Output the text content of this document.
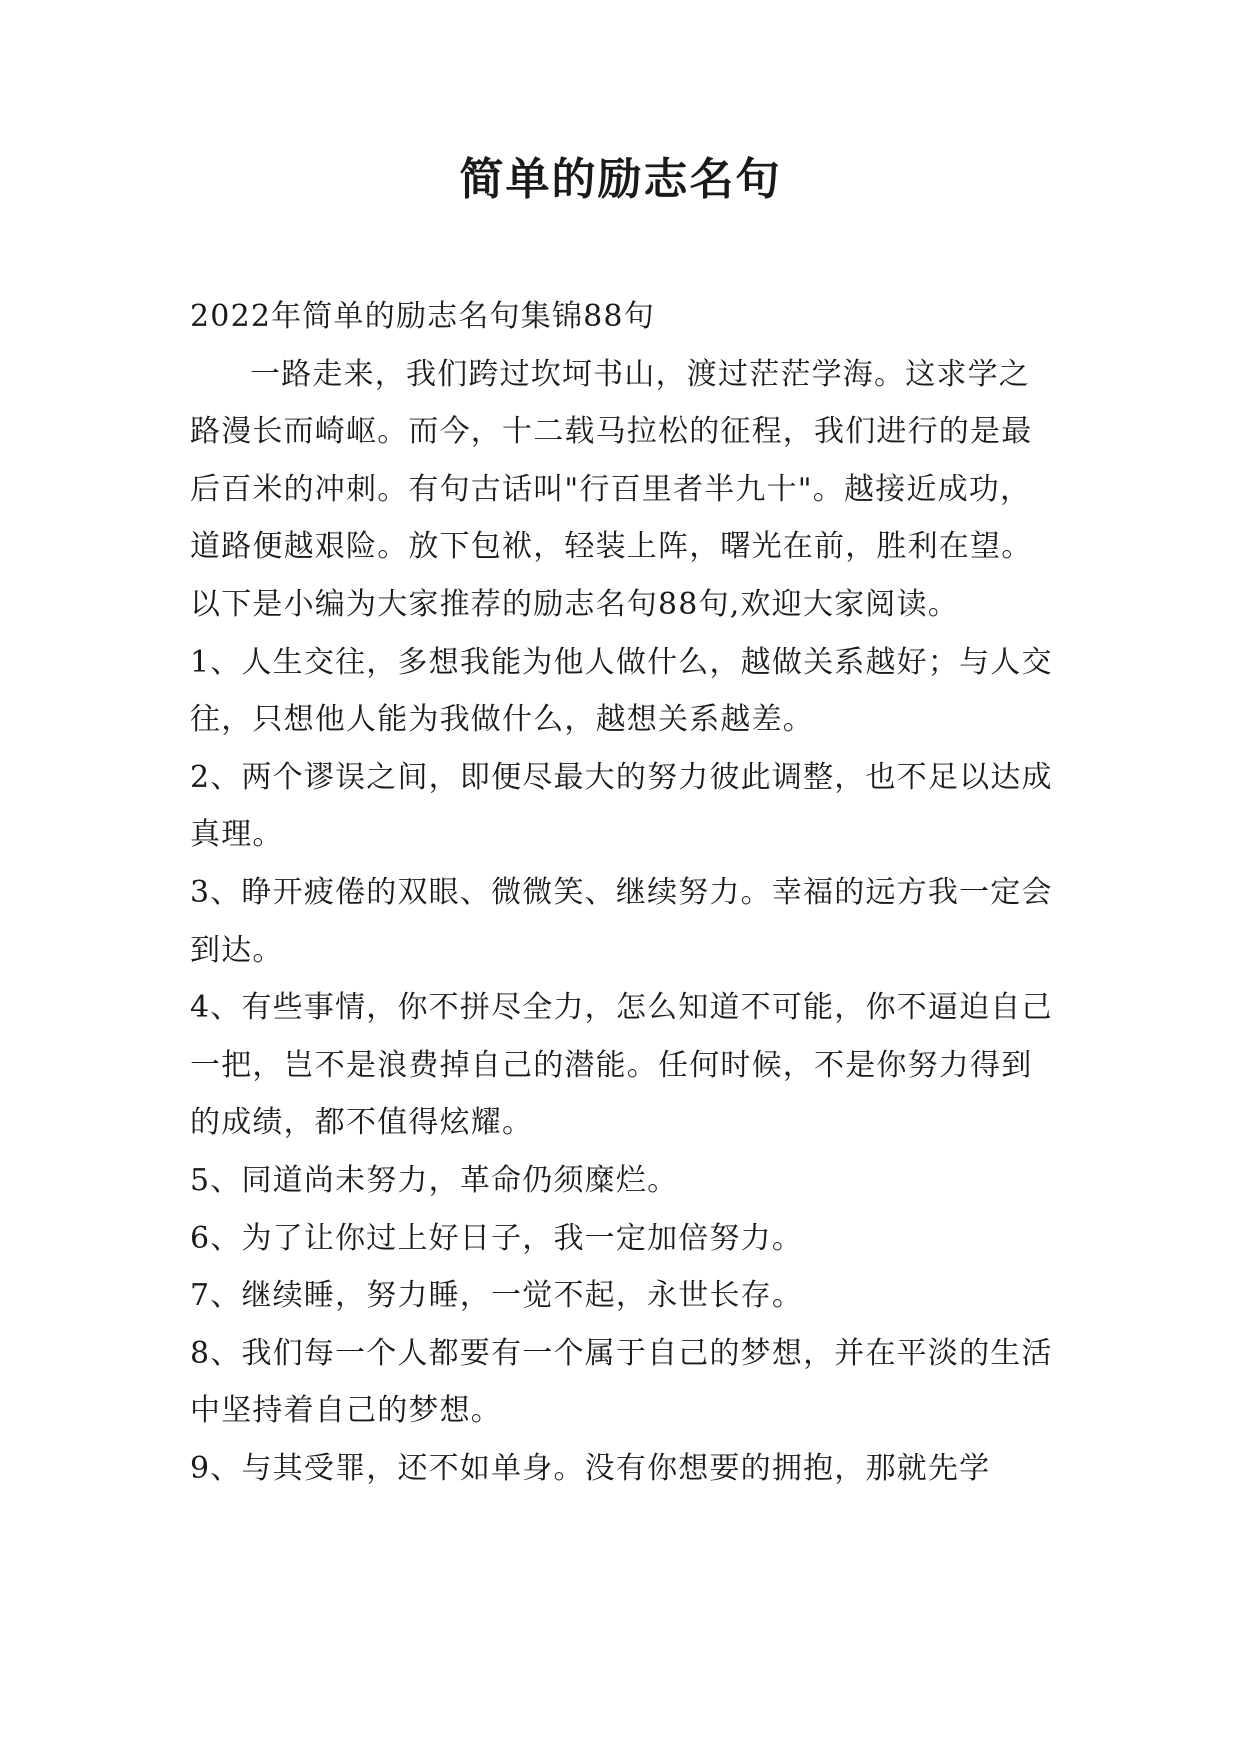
简单的励志名句

2022年简单的励志名句集锦88句

一路走来，我们跨过坎坷书山，渡过茫茫学海。这求学之路漫长而崎岖。而今，十二载马拉松的征程，我们进行的是最后百米的冲刺。有句古话叫"行百里者半九十"。越接近成功，道路便越艰险。放下包袱，轻装上阵，曙光在前，胜利在望。以下是小编为大家推荐的励志名句88句,欢迎大家阅读。

1、人生交往，多想我能为他人做什么，越做关系越好；与人交往，只想他人能为我做什么，越想关系越差。

2、两个谬误之间，即便尽最大的努力彼此调整，也不足以达成真理。

3、睁开疲倦的双眼、微微笑、继续努力。幸福的远方我一定会到达。

4、有些事情，你不拼尽全力，怎么知道不可能，你不逼迫自己一把，岂不是浪费掉自己的潜能。任何时候，不是你努力得到的成绩，都不值得炫耀。

5、同道尚未努力，革命仍须糜烂。

6、为了让你过上好日子，我一定加倍努力。

7、继续睡，努力睡，一觉不起，永世长存。

8、我们每一个人都要有一个属于自己的梦想，并在平淡的生活中坚持着自己的梦想。

9、与其受罪，还不如单身。没有你想要的拥抱，那就先学
